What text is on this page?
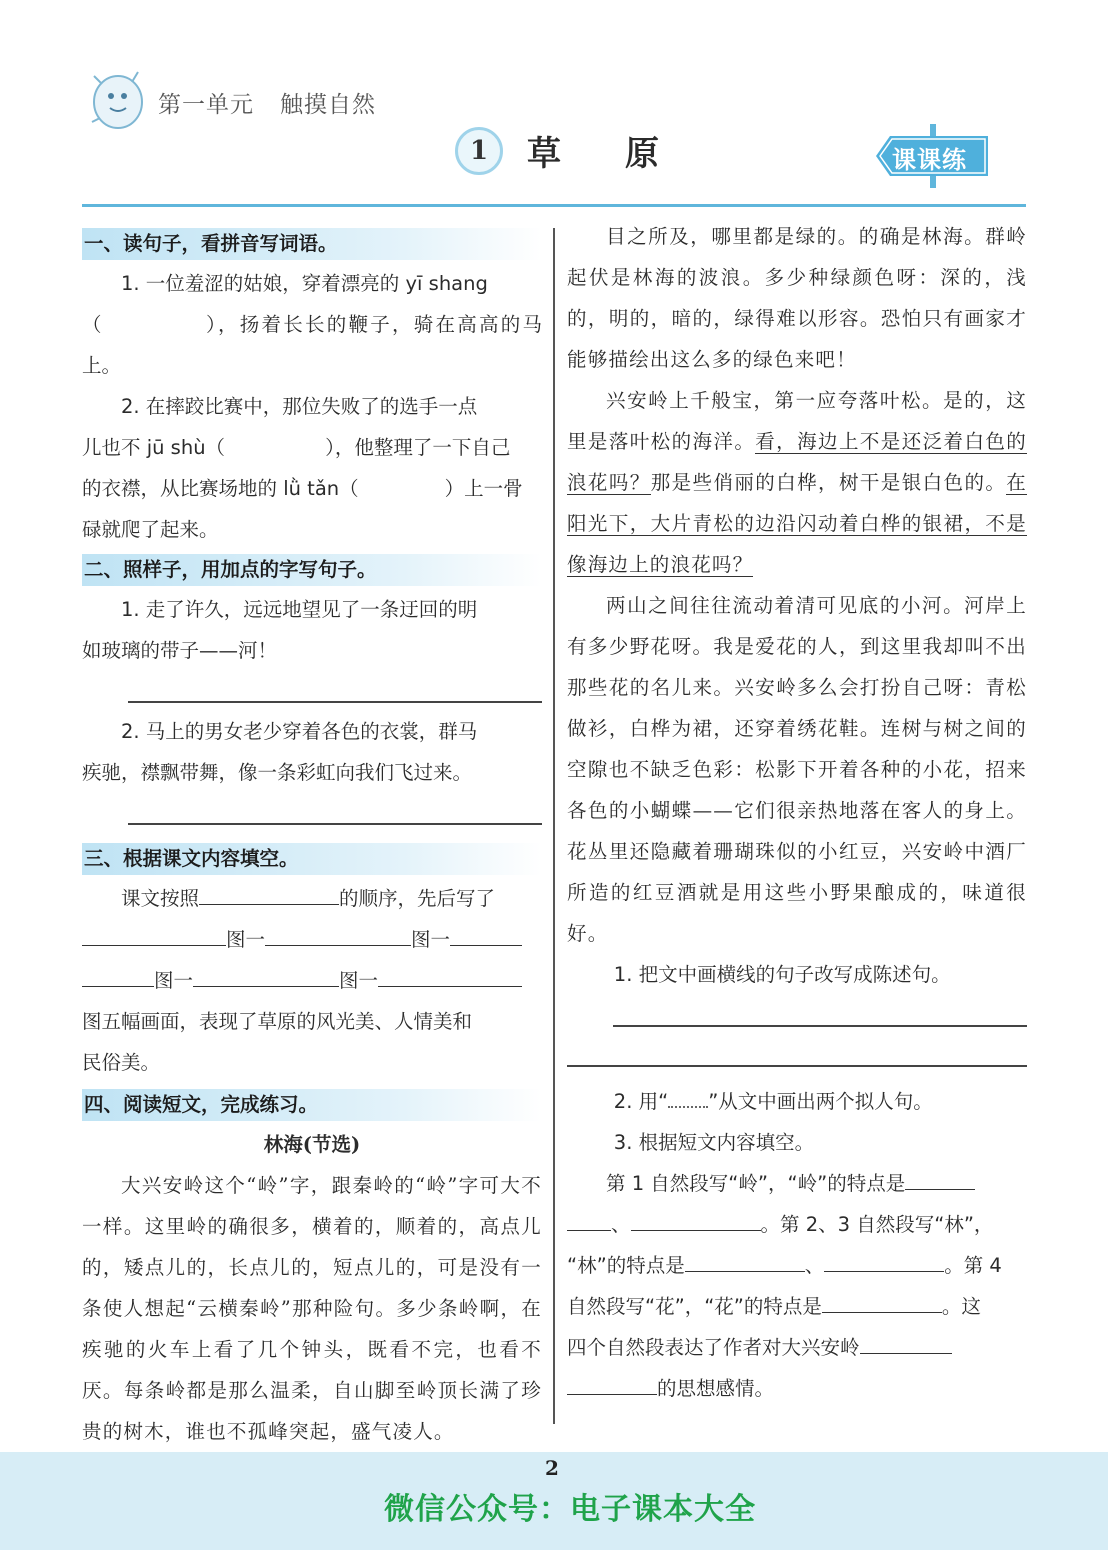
第一单元 触摸自然
1	草原	课课练
一、读句子，看拼音写词语。

1. 一位羞涩的姑娘，穿着漂亮的 yī shang

（	），扬着长长的鞭子，骑在高高的马上。

2. 在摔跤比赛中，那位失败了的选手一点

儿也不 jū shù（	），他整理了一下自己

的衣襟，从比赛场地的 lǜ tǎn（	）上一骨

碌就爬了起来。

二、照样子，用加点的字写句子。

1. 走了许久，远远地望见了一条迂回的明

如玻璃的带子——河！

2. 马上的男女老少穿着各色的衣裳，群马

疾驰，襟飘带舞，像一条彩虹向我们飞过来。

三、根据课文内容填空。

课文按照	的顺序，先后写了

图一	图一

图一	图一

图五幅画面，表现了草原的风光美、人情美和

民俗美。

四、阅读短文，完成练习。

林海(节选)

大兴安岭这个“岭”字，跟秦岭的“岭”字可大不一样。这里岭的确很多，横着的，顺着的，高点儿的，矮点儿的，长点儿的，短点儿的，可是没有一条使人想起“云横秦岭”那种险句。多少条岭啊，在疾驰的火车上看了几个钟头，既看不完，也看不厌。每条岭都是那么温柔，自山脚至岭顶长满了珍贵的树木，谁也不孤峰突起，盛气凌人。

目之所及，哪里都是绿的。的确是林海。群岭起伏是林海的波浪。多少种绿颜色呀：深的，浅的，明的，暗的，绿得难以形容。恐怕只有画家才能够描绘出这么多的绿色来吧！

兴安岭上千般宝，第一应夸落叶松。是的，这里是落叶松的海洋。看，海边上不是还泛着白色的浪花吗？那是些俏丽的白桦，树干是银白色的。在阳光下，大片青松的边沿闪动着白桦的银裙，不是像海边上的浪花吗？

两山之间往往流动着清可见底的小河。河岸上有多少野花呀。我是爱花的人，到这里我却叫不出那些花的名儿来。兴安岭多么会打扮自己呀：青松做衫，白桦为裙，还穿着绣花鞋。连树与树之间的空隙也不缺乏色彩：松影下开着各种的小花，招来各色的小蝴蝶——它们很亲热地落在客人的身上。花丛里还隐藏着珊瑚珠似的小红豆，兴安岭中酒厂所造的红豆酒就是用这些小野果酿成的，味道很好。

1. 把文中画横线的句子改写成陈述句。

2. 用“ ”从文中画出两个拟人句。

3. 根据短文内容填空。

第 1 自然段写“岭”，“岭”的特点是

、	。第 2、3 自然段写“林”，

“林”的特点是	、	。第 4

自然段写“花”，“花”的特点是	。这

四个自然段表达了作者对大兴安岭

的思想感情。

2
微信公众号：电子课本大全
